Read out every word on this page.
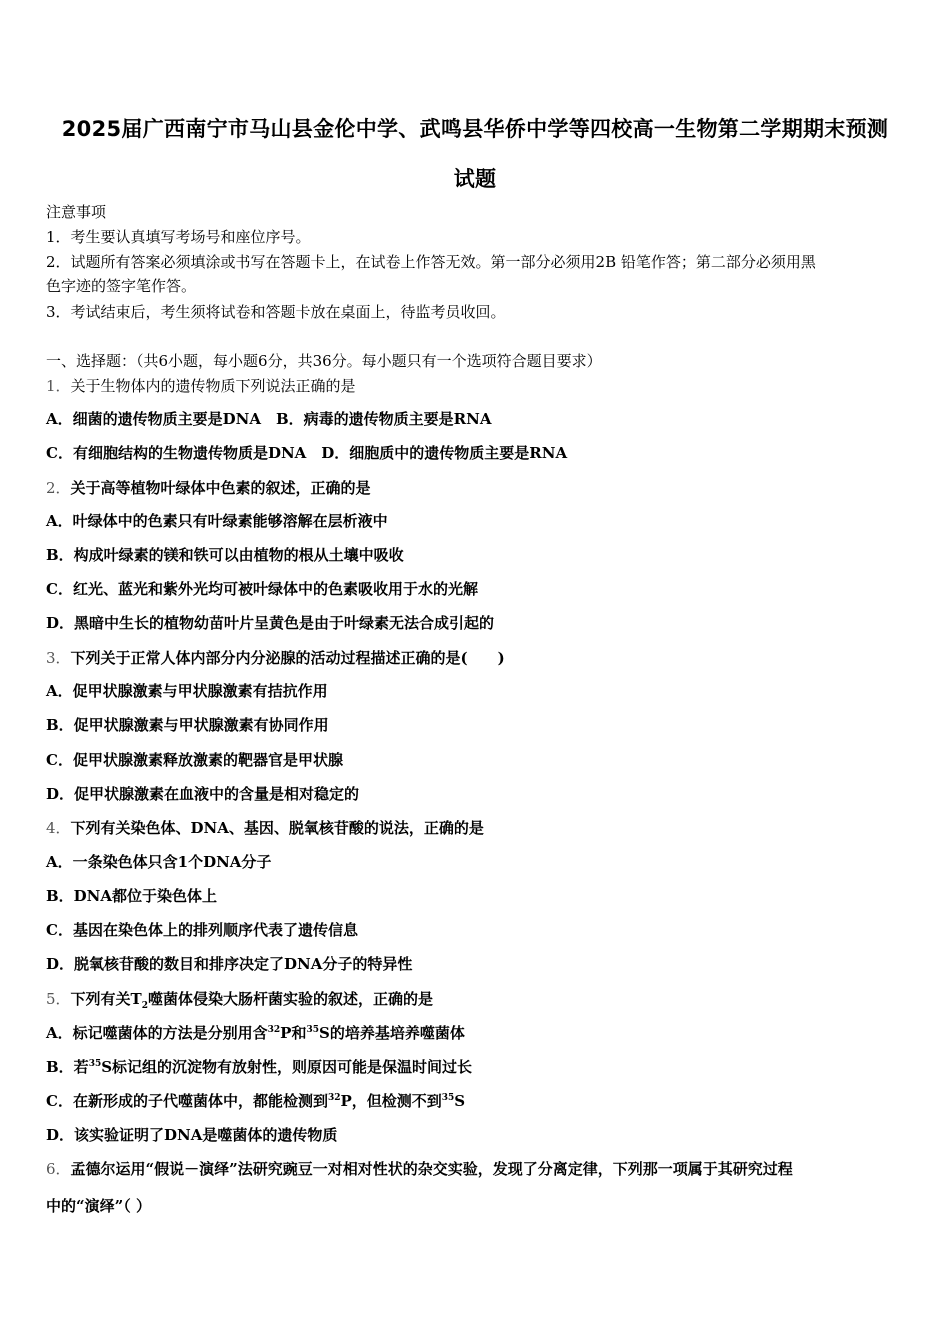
2025届广西南宁市马山县金伦中学、武鸣县华侨中学等四校高一生物第二学期期末预测
试题
注意事项
1．考生要认真填写考场号和座位序号。
2．试题所有答案必须填涂或书写在答题卡上，在试卷上作答无效。第一部分必须用2B 铅笔作答；第二部分必须用黑
色字迹的签字笔作答。
3．考试结束后，考生须将试卷和答题卡放在桌面上，待监考员收回。
一、选择题：（共6小题，每小题6分，共36分。每小题只有一个选项符合题目要求）
1．关于生物体内的遗传物质下列说法正确的是
A．细菌的遗传物质主要是DNA　B．病毒的遗传物质主要是RNA
C．有细胞结构的生物遗传物质是DNA　D．细胞质中的遗传物质主要是RNA
2．关于高等植物叶绿体中色素的叙述，正确的是
A．叶绿体中的色素只有叶绿素能够溶解在层析液中
B．构成叶绿素的镁和铁可以由植物的根从土壤中吸收
C．红光、蓝光和紫外光均可被叶绿体中的色素吸收用于水的光解
D．黑暗中生长的植物幼苗叶片呈黄色是由于叶绿素无法合成引起的
3．下列关于正常人体内部分内分泌腺的活动过程描述正确的是(　　)
A．促甲状腺激素与甲状腺激素有拮抗作用
B．促甲状腺激素与甲状腺激素有协同作用
C．促甲状腺激素释放激素的靶器官是甲状腺
D．促甲状腺激素在血液中的含量是相对稳定的
4．下列有关染色体、DNA、基因、脱氧核苷酸的说法，正确的是
A．一条染色体只含1个DNA分子
B．DNA都位于染色体上
C．基因在染色体上的排列顺序代表了遗传信息
D．脱氧核苷酸的数目和排序决定了DNA分子的特异性
5．下列有关$T_2$噬菌体侵染大肠杆菌实验的叙述，正确的是
A．标记噬菌体的方法是分别用含$^{32}$P和$^{35}$S的培养基培养噬菌体
B．若$^{35}$S标记组的沉淀物有放射性，则原因可能是保温时间过长
C．在新形成的子代噬菌体中，都能检测到$^{32}$P，但检测不到$^{35}$S
D．该实验证明了DNA是噬菌体的遗传物质
6．孟德尔运用“假说－演绎”法研究豌豆一对相对性状的杂交实验，发现了分离定律，下列那一项属于其研究过程
中的“演绎”（ ）
